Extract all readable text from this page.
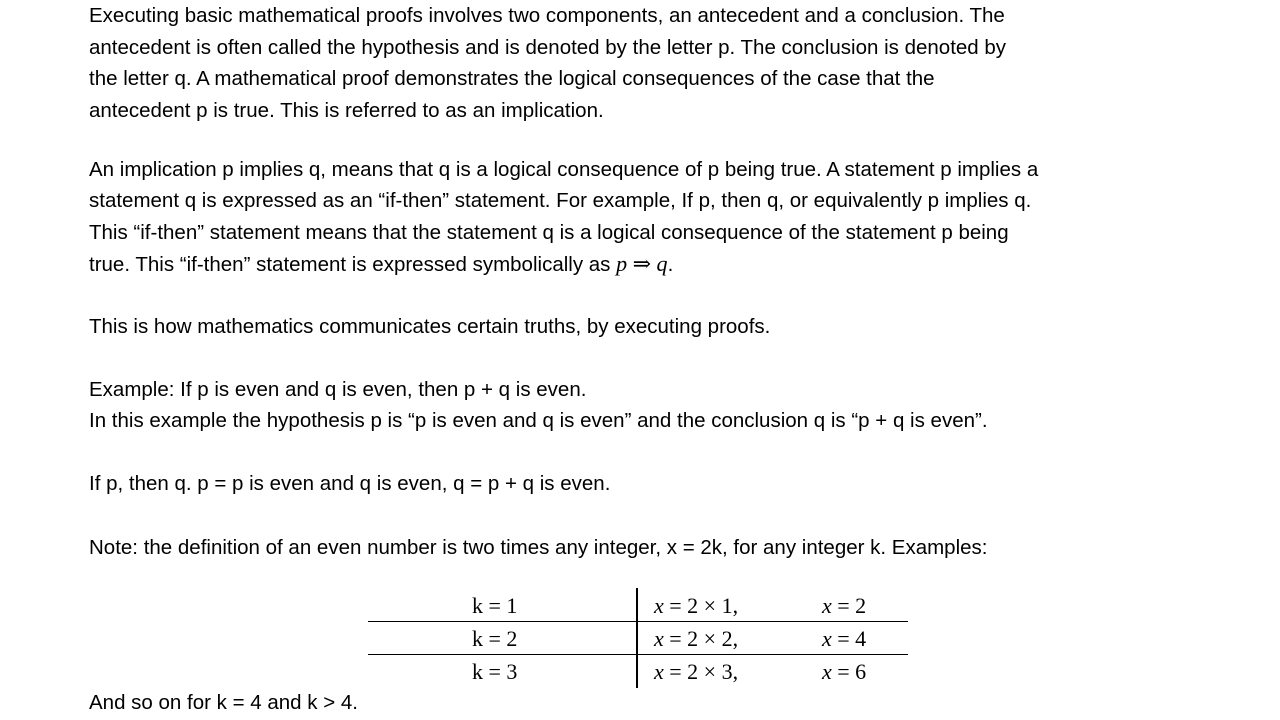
Executing basic mathematical proofs involves two components, an antecedent and a conclusion. The
antecedent is often called the hypothesis and is denoted by the letter p. The conclusion is denoted by
the letter q. A mathematical proof demonstrates the logical consequences of the case that the
antecedent p is true. This is referred to as an implication.
An implication p implies q, means that q is a logical consequence of p being true. A statement p implies a
statement q is expressed as an “if-then” statement. For example, If p, then q, or equivalently p implies q.
This “if-then” statement means that the statement q is a logical consequence of the statement p being
true. This “if-then” statement is expressed symbolically as p ⇒ q.
This is how mathematics communicates certain truths, by executing proofs.
Example: If p is even and q is even, then p + q is even.
In this example the hypothesis p is “p is even and q is even” and the conclusion q is “p + q is even”.
If p, then q. p = p is even and q is even, q = p + q is even.
Note: the definition of an even number is two times any integer, x = 2k, for any integer k. Examples:
And so on for k = 4 and k > 4.
k = 1	x = 2 × 1,	x = 2
k = 2	x = 2 × 2,	x = 4
k = 3	x = 2 × 3,	x = 6
